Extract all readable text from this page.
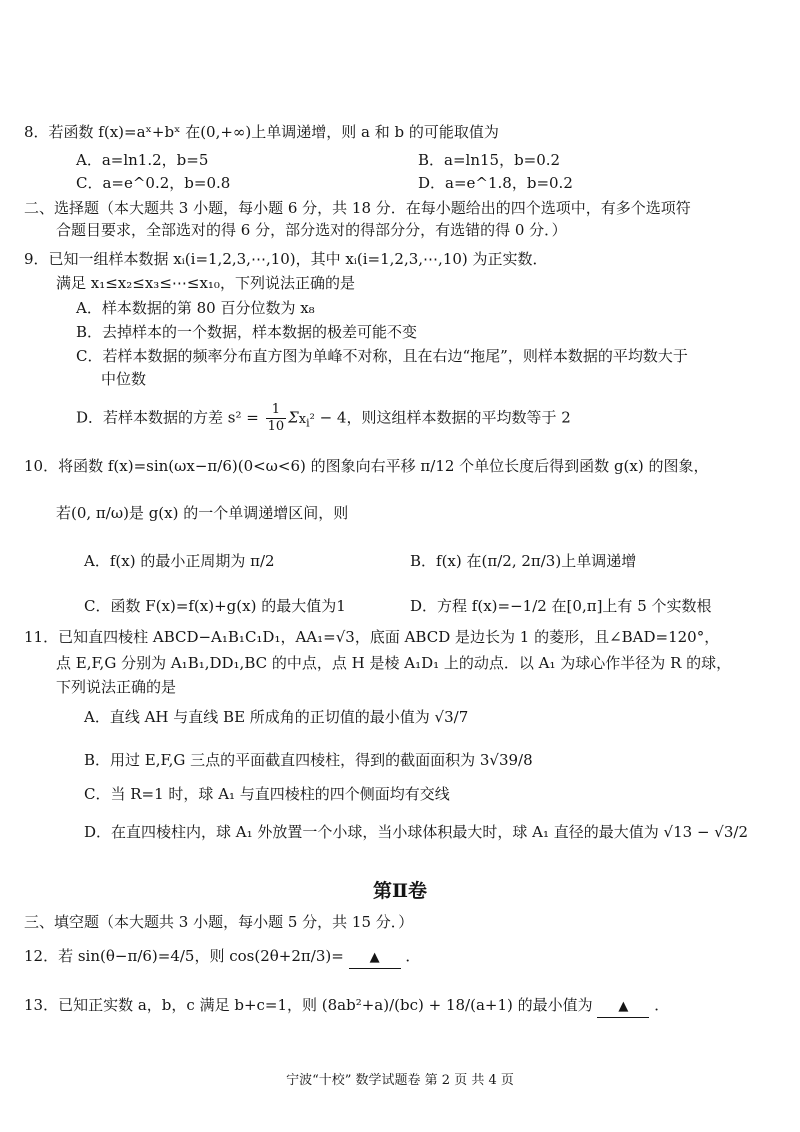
8．若函数 f(x)=aˣ+bˣ 在(0,+∞)上单调递增，则 a 和 b 的可能取值为
A．a=ln1.2，b=5	B．a=ln15，b=0.2
C．a=e^0.2，b=0.8	D．a=e^1.8，b=0.2
二、选择题（本大题共 3 小题，每小题 6 分，共 18 分．在每小题给出的四个选项中，有多个选项符
合题目要求，全部选对的得 6 分，部分选对的得部分分，有选错的得 0 分．）
9．已知一组样本数据 xᵢ(i=1,2,3,⋯,10)，其中 xᵢ(i=1,2,3,⋯,10) 为正实数．
满足 x₁≤x₂≤x₃≤⋯≤x₁₀，下列说法正确的是
A．样本数据的第 80 百分位数为 x₈
B．去掉样本的一个数据，样本数据的极差可能不变
C．若样本数据的频率分布直方图为单峰不对称，且在右边“拖尾”，则样本数据的平均数大于
中位数
D．若样本数据的方差 $s^2 = \frac{1}{10} \Sigma x_i^2 - 4$，则这组样本数据的平均数等于 2
10．将函数 f(x)=sin(ωx−π/6)(0<ω<6) 的图象向右平移 π/12 个单位长度后得到函数 g(x) 的图象，
若(0, π/ω)是 g(x) 的一个单调递增区间，则
A．f(x) 的最小正周期为 π/2	B．f(x) 在(π/2, 2π/3)上单调递增
C．函数 F(x)=f(x)+g(x) 的最大值为1	D．方程 f(x)=−1/2 在[0,π]上有 5 个实数根
11．已知直四棱柱 ABCD−A₁B₁C₁D₁，AA₁=√3，底面 ABCD 是边长为 1 的菱形，且∠BAD=120°，
点 E,F,G 分别为 A₁B₁,DD₁,BC 的中点，点 H 是棱 A₁D₁ 上的动点．以 A₁ 为球心作半径为 R 的球，
下列说法正确的是
A．直线 AH 与直线 BE 所成角的正切值的最小值为 √3/7
B．用过 E,F,G 三点的平面截直四棱柱，得到的截面面积为 3√39/8
C．当 R=1 时，球 A₁ 与直四棱柱的四个侧面均有交线
D．在直四棱柱内，球 A₁ 外放置一个小球，当小球体积最大时，球 A₁ 直径的最大值为 √13 − √3/2
第Ⅱ卷
三、填空题（本大题共 3 小题，每小题 5 分，共 15 分．）
12．若 sin(θ−π/6)=4/5，则 cos(2θ+2π/3)= ▲ ．
13．已知正实数 a，b，c 满足 b+c=1，则 (8ab²+a)/(bc) + 18/(a+1) 的最小值为 ▲ ．
宁波“十校” 数学试题卷 第 2 页 共 4 页
